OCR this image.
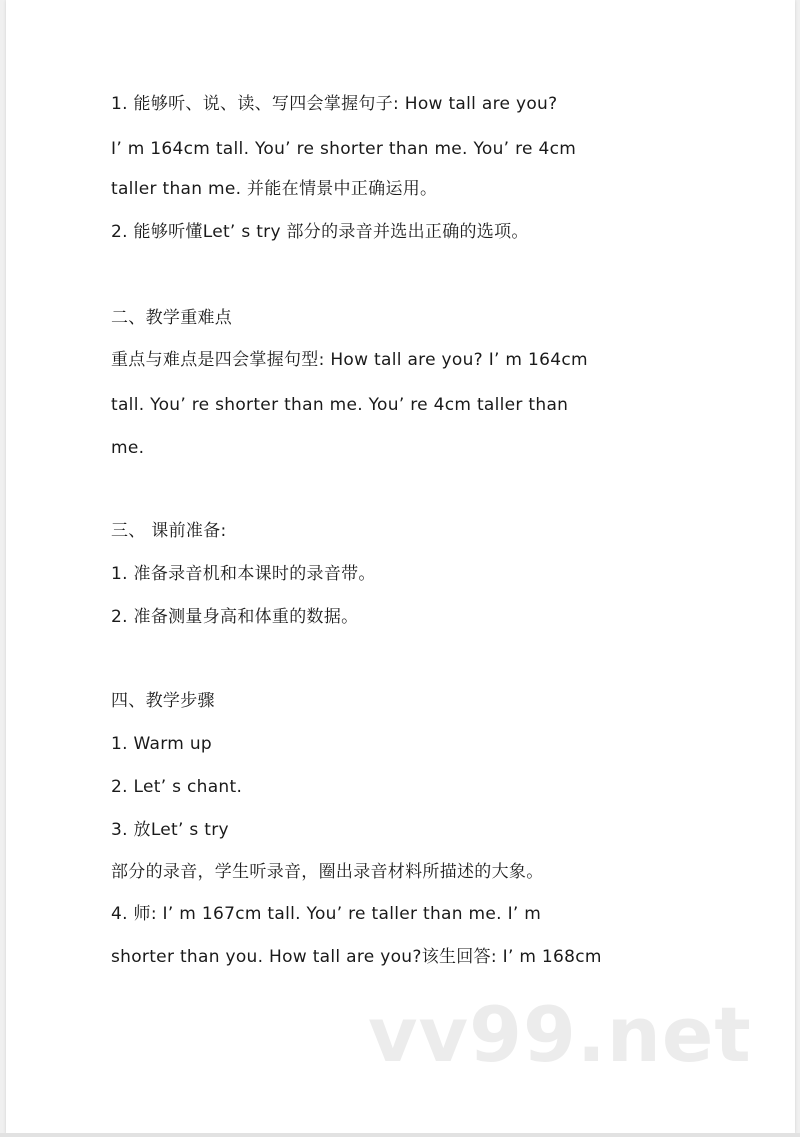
1. 能够听、说、读、写四会掌握句子: How tall are you?
I’ m 164cm tall. You’ re shorter than me. You’ re 4cm
taller than me. 并能在情景中正确运用。
2. 能够听懂Let’ s try 部分的录音并选出正确的选项。
二、教学重难点
重点与难点是四会掌握句型: How tall are you? I’ m 164cm
tall. You’ re shorter than me. You’ re 4cm taller than
me.
三、 课前准备:
1. 准备录音机和本课时的录音带。
2. 准备测量身高和体重的数据。
四、教学步骤
1. Warm up
2. Let’ s chant.
3. 放Let’ s try
部分的录音，学生听录音，圈出录音材料所描述的大象。
4. 师: I’ m 167cm tall. You’ re taller than me. I’ m
shorter than you. How tall are you?该生回答: I’ m 168cm
vv99.net
